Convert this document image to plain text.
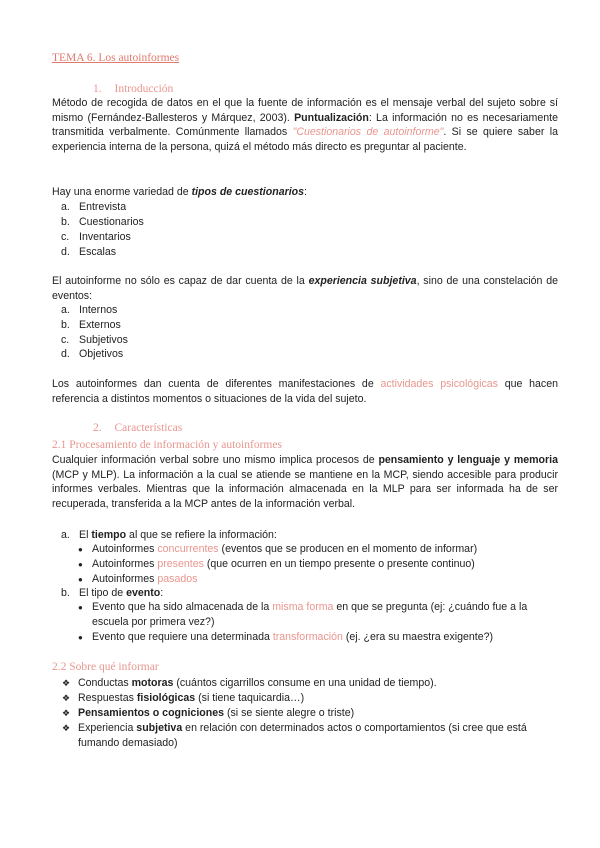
TEMA 6. Los autoinformes
1. Introducción
Método de recogida de datos en el que la fuente de información es el mensaje verbal del sujeto sobre sí mismo (Fernández-Ballesteros y Márquez, 2003). Puntualización: La información no es necesariamente transmitida verbalmente. Comúnmente llamados "Cuestionarios de autoinforme". Si se quiere saber la experiencia interna de la persona, quizá el método más directo es preguntar al paciente.
Hay una enorme variedad de tipos de cuestionarios:
a. Entrevista
b. Cuestionarios
c. Inventarios
d. Escalas
El autoinforme no sólo es capaz de dar cuenta de la experiencia subjetiva, sino de una constelación de eventos:
a. Internos
b. Externos
c. Subjetivos
d. Objetivos
Los autoinformes dan cuenta de diferentes manifestaciones de actividades psicológicas que hacen referencia a distintos momentos o situaciones de la vida del sujeto.
2. Características
2.1 Procesamiento de información y autoinformes
Cualquier información verbal sobre uno mismo implica procesos de pensamiento y lenguaje y memoria (MCP y MLP). La información a la cual se atiende se mantiene en la MCP, siendo accesible para producir informes verbales. Mientras que la información almacenada en la MLP para ser informada ha de ser recuperada, transferida a la MCP antes de la información verbal.
a. El tiempo al que se refiere la información:
● Autoinformes concurrentes (eventos que se producen en el momento de informar)
● Autoinformes presentes (que ocurren en un tiempo presente o presente continuo)
● Autoinformes pasados
b. El tipo de evento:
● Evento que ha sido almacenada de la misma forma en que se pregunta (ej: ¿cuándo fue a la
escuela por primera vez?)
● Evento que requiere una determinada transformación (ej. ¿era su maestra exigente?)
2.2 Sobre qué informar
❖ Conductas motoras (cuántos cigarrillos consume en una unidad de tiempo).
❖ Respuestas fisiológicas (si tiene taquicardia…)
❖ Pensamientos o cogniciones (si se siente alegre o triste)
❖ Experiencia subjetiva en relación con determinados actos o comportamientos (si cree que está
fumando demasiado)
